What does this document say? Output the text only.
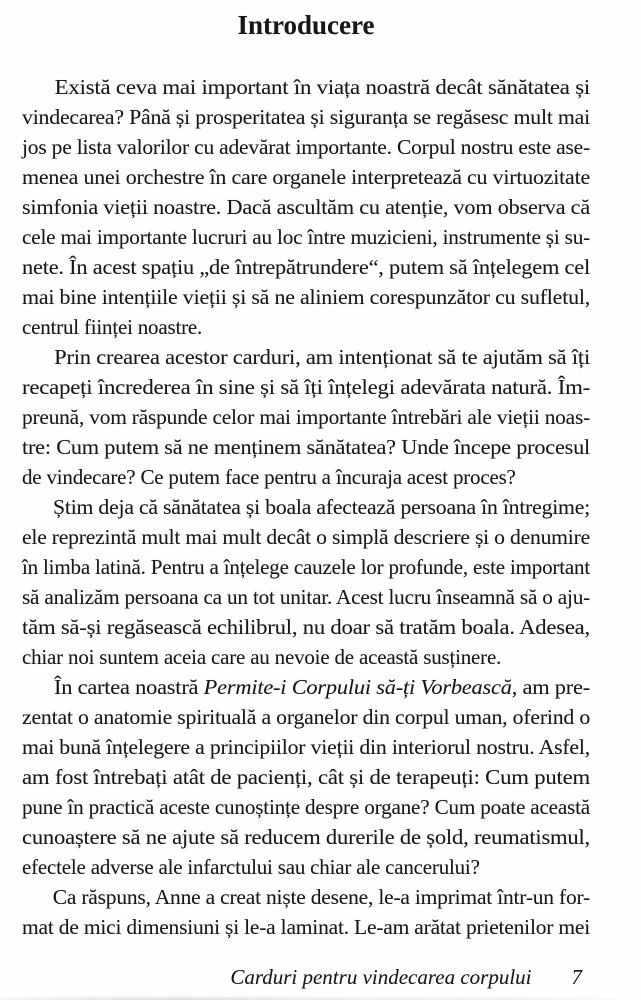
Introducere
Există ceva mai important în viața noastră decât sănătatea și
vindecarea? Până și prosperitatea și siguranța se regăsesc mult mai
jos pe lista valorilor cu adevărat importante. Corpul nostru este ase-
menea unei orchestre în care organele interpretează cu virtuozitate
simfonia vieții noastre. Dacă ascultăm cu atenție, vom observa că
cele mai importante lucruri au loc între muzicieni, instrumente și su-
nete. În acest spațiu „de întrepătrundere“, putem să înțelegem cel
mai bine intențiile vieții și să ne aliniem corespunzător cu sufletul,
centrul ființei noastre.
Prin crearea acestor carduri, am intenționat să te ajutăm să îți
recapeți încrederea în sine și să îți înțelegi adevărata natură. Îm-
preună, vom răspunde celor mai importante întrebări ale vieții noas-
tre: Cum putem să ne menținem sănătatea? Unde începe procesul
de vindecare? Ce putem face pentru a încuraja acest proces?
Știm deja că sănătatea și boala afectează persoana în întregime;
ele reprezintă mult mai mult decât o simplă descriere și o denumire
în limba latină. Pentru a înțelege cauzele lor profunde, este important
să analizăm persoana ca un tot unitar. Acest lucru înseamnă să o aju-
tăm să-și regăsească echilibrul, nu doar să tratăm boala. Adesea,
chiar noi suntem aceia care au nevoie de această susținere.
În cartea noastră Permite-i Corpului să-ți Vorbească, am pre-
zentat o anatomie spirituală a organelor din corpul uman, oferind o
mai bună înțelegere a principiilor vieții din interiorul nostru. Asfel,
am fost întrebați atât de pacienți, cât și de terapeuți: Cum putem
pune în practică aceste cunoștințe despre organe? Cum poate această
cunoaștere să ne ajute să reducem durerile de șold, reumatismul,
efectele adverse ale infarctului sau chiar ale cancerului?
Ca răspuns, Anne a creat niște desene, le-a imprimat într-un for-
mat de mici dimensiuni și le-a laminat. Le-am arătat prietenilor mei
Carduri pentru vindecarea corpului 7
